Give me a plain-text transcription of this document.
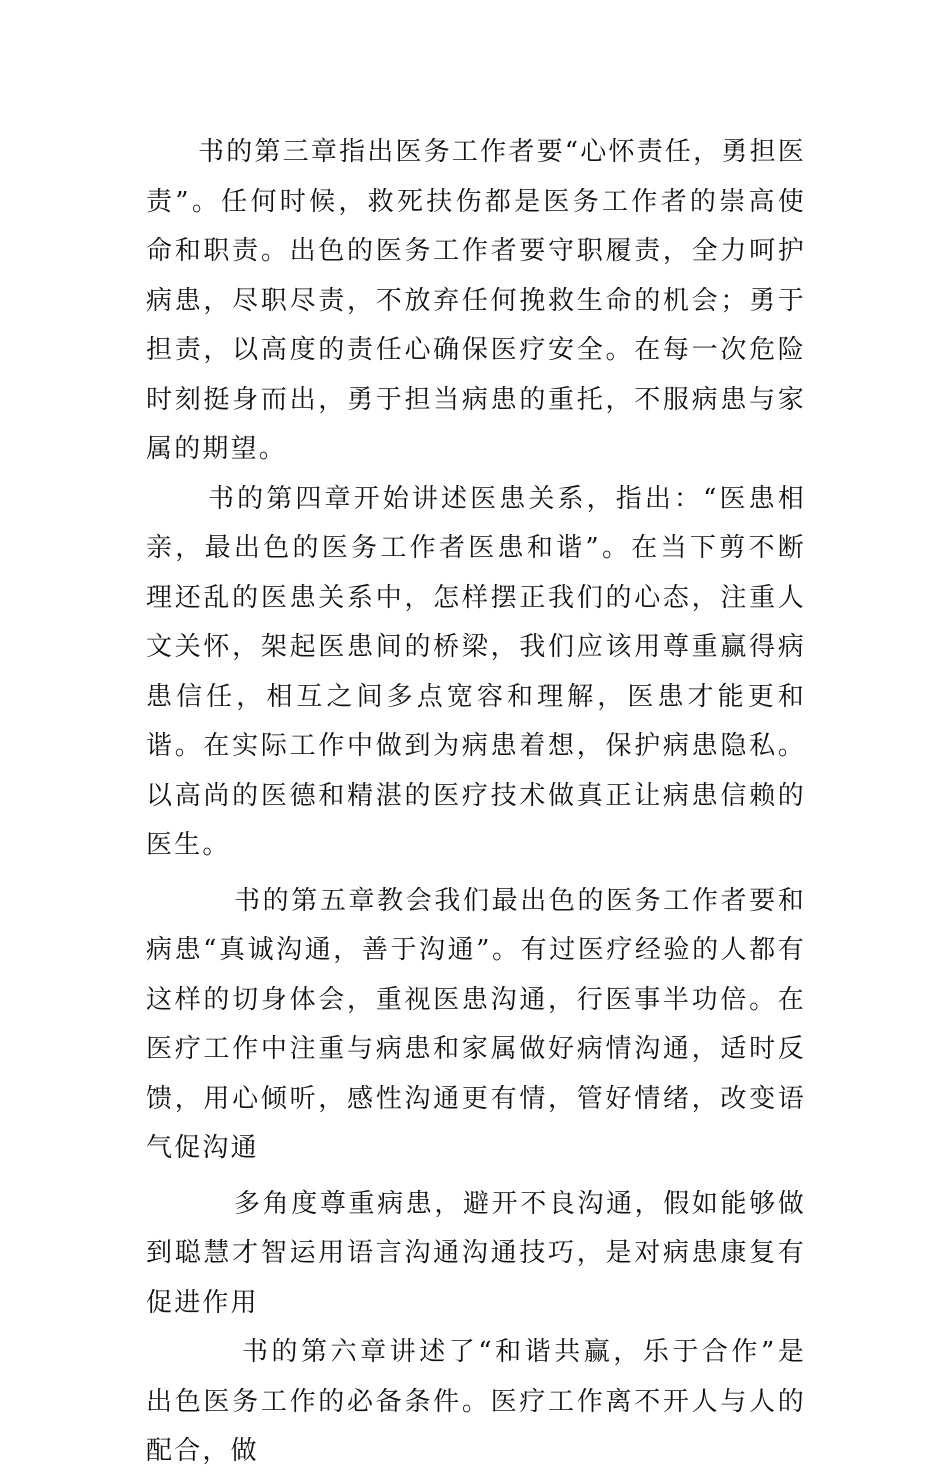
书的第三章指出医务工作者要“心怀责任，勇担医责”。任何时候，救死扶伤都是医务工作者的崇高使命和职责。出色的医务工作者要守职履责，全力呵护病患，尽职尽责，不放弃任何挽救生命的机会；勇于担责，以高度的责任心确保医疗安全。在每一次危险时刻挺身而出，勇于担当病患的重托，不服病患与家属的期望。

书的第四章开始讲述医患关系，指出：“医患相亲，最出色的医务工作者医患和谐”。在当下剪不断理还乱的医患关系中，怎样摆正我们的心态，注重人文关怀，架起医患间的桥梁，我们应该用尊重赢得病患信任，相互之间多点宽容和理解，医患才能更和谐。在实际工作中做到为病患着想，保护病患隐私。以高尚的医德和精湛的医疗技术做真正让病患信赖的医生。

书的第五章教会我们最出色的医务工作者要和病患“真诚沟通，善于沟通”。有过医疗经验的人都有这样的切身体会，重视医患沟通，行医事半功倍。在医疗工作中注重与病患和家属做好病情沟通，适时反馈，用心倾听，感性沟通更有情，管好情绪，改变语气促沟通

多角度尊重病患，避开不良沟通，假如能够做到聪慧才智运用语言沟通沟通技巧，是对病患康复有促进作用

书的第六章讲述了“和谐共赢，乐于合作”是出色医务工作的必备条件。医疗工作离不开人与人的配合，做
